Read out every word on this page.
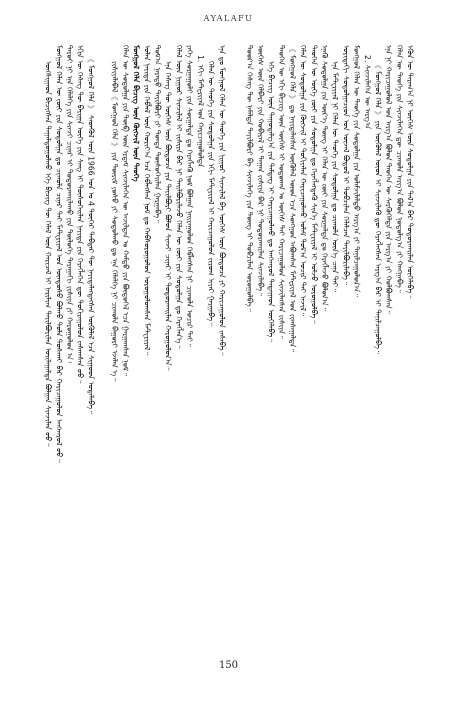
AYALAFU
ᠤᠩᠰᠢᠭᠠᠳ ᠪᠢᠴᠢᠭᠰᠡᠨ ᠳᠠᠭᠠᠯᠳᠤᠭᠤᠯᠬᠤ ᠡᠬᠡ ᠪᠢᠴᠢᠭ ᠲᠦ ᠬᠡᠯᠡᠯ ᠦᠨ ᠬᠠᠷᠢᠴᠠᠯ ᠢ ᠨᠠᠷᠢᠯᠢᠭ ᠲᠠᠶᠢᠯᠪᠤᠷᠢᠯᠠᠨ ᠤᠢᠯᠠᠭᠠᠯᠲᠠ ᠪᠣᠯᠭᠠᠨ ᠰᠢᠨᠵᠢᠯᠡᠨ ᠤᠤ᠃ ᠮᠣᠩᠭᠣᠯ ᠬᠡᠯᠡᠨ ᠦ ᠵᠦᠢ ᠶᠢᠨ ᠰᠤᠳᠤᠯᠭᠠ ᠳᠤ ᠴᠢᠬᠤᠯᠠ ᠴᠢᠨᠠᠷ ᠲᠠᠢ ᠮᠠᠲ᠋ᠧᠷᠢᠶᠠᠯ ᠤᠨ ᠦᠨᠳᠦᠰᠦ ᠪᠣᠯᠬᠤ ᠲᠤᠯᠠ ᠲᠤᠰᠬᠠᠢ ᠪᠡᠷ ᠬᠠᠷᠢᠴᠠᠭᠤᠯᠤᠨ ᠠᠩᠬᠠᠷᠤᠯ ᠤᠤ᠃ ᠳᠠᠷᠤᠢ ᠨᠢ ᠡᠨᠡ ᠬᠡᠯᠡᠯᠭᠡ ᠶᠢᠨ ᠰᠢᠨᠵᠢ ᠴᠢᠨᠠᠷ ᠢ ᠲᠣᠳᠣᠷᠬᠠᠢᠯᠠᠬᠤ ᠶᠢᠨ ᠲᠥᠯᠦᠭᠡ ᠳᠠᠷᠠᠭᠠᠬᠢ ᠵᠢᠰᠢᠶᠡ ᠶᠢ ᠬᠠᠷᠤᠭᠤᠯᠤᠨ ᠠ᠄ ᠡᠬᠢᠨ ᠦ ᠬᠡᠰᠡᠭ ᠲᠦ ᠪᠠᠶᠢᠭᠠ ᠦᠭᠡ ᠶᠢᠨ ᠰᠠᠩ ᠢ ᠲᠥᠰᠦᠭᠡᠢᠯᠡᠨ ᠨᠡᠶᠢᠲᠡ ᠶᠢᠨ ᠬᠡᠷᠡᠭᠯᠡᠭᠡᠨ ᠳᠦ ᠲᠣᠬᠢᠷᠠᠭᠤᠯᠤᠨ ᠵᠠᠰᠠᠭᠰᠠᠨ ᠤᠤ᠃ 《 ᠮᠣᠩᠭᠣᠯ ᠬᠡᠯᠡ 》 ᠰᠡᠳᠬᠦᠯ ᠦᠨ 1966 ᠣᠨ ᠤ 4 ᠳᠦᠭᠡᠷ ᠳᠡᠪᠲᠡᠷ ᠲᠦ ᠨᠡᠶᠢᠲᠡᠯᠡᠭᠳᠡᠭᠰᠡᠨ ᠥᠭᠦᠯᠡᠯ ᠡᠴᠡ ᠰᠢᠭᠤᠳ ᠤᠲᠠᠯᠠᠪᠠ᠃ ᠵᠢᠱᠢᠶᠡᠯᠡᠪᠡᠯ《 ᠮᠣᠩᠭᠣᠯ ᠬᠡᠯᠡ 》 ᠶᠢᠨ ᠳᠦᠷᠢᠮ ᠶᠣᠰᠤ ᠶᠢ ᠰᠤᠳᠤᠯᠬᠤ ᠳᠤ ᠡᠨᠡ ᠬᠡᠯᠡᠯᠭᠡ ᠨᠢ ᠴᠢᠬᠤᠯᠠ ᠪᠠᠭᠤᠷᠢ ᠡᠵᠡᠯᠡᠨ ᠡ᠃ ᠬᠡᠯᠡᠨ ᠦ ᠰᠤᠳᠤᠯᠭᠠ ᠶᠢᠨ ᠲᠥᠪ ᠦᠨ ᠡᠷᠳᠡᠮ ᠰᠢᠨᠵᠢᠯᠡᠭᠡᠨ ᠦ ᠠᠵᠢᠯᠲᠠᠨ ᠤ ᠬᠠᠮᠲᠤ ᠶᠢᠨ ᠪᠦᠲᠦᠭᠡᠯ ᠡᠴᠡ ᠭᠠᠷᠭᠠᠭᠰᠠᠨ ᠨᠣᠮ᠃ ᠮᠣᠩᠭᠣᠯ ᠬᠡᠯᠡ ᠪᠢᠴᠢᠭ ᠦᠨ ᠬᠥᠭᠵᠢᠯ ᠦᠨ ᠲᠡᠦᠬᠡ ᠣᠯᠠᠨ ᠨᠡᠶᠢᠲᠡ ᠶᠢᠨ ᠬᠡᠪᠯᠡᠯ ᠦᠨ ᠬᠣᠷᠢᠶ᠎ᠠ ᠡᠴᠡ ᠬᠡᠪᠯᠡᠭᠰᠡᠨ ᠨᠣᠮ ᠳᠤ ᠬᠠᠪᠰᠤᠷᠤᠭᠤᠯᠤᠨ ᠣᠷᠣᠭᠤᠯᠤᠭᠰᠠᠨ ᠮᠠᠲ᠋ᠧᠷᠢᠶᠠᠯ᠃ ᠲᠣᠮ᠎ᠠ ᠨᠡᠷᠡᠲᠦ ᠲᠠᠶᠢᠯᠪᠤᠷᠢ ᠶᠢ ᠳᠤᠨᠳᠠ ᠲᠥᠰᠦᠭᠡᠢᠯᠡᠨ ᠭᠠᠷᠭᠠᠪᠠ᠃ ᠡᠨᠡ ᠬᠡᠰᠡᠭ ᠲᠦ ᠦᠭᠡᠰ ᠦᠨ ᠪᠦᠲᠦᠴᠡ ᠶᠢᠨ ᠲᠠᠶᠢᠯᠪᠤᠷᠢ ᠪᠣᠯᠤᠨ ᠰᠢᠨᠵᠢ ᠴᠢᠨᠠᠷ ᠢ ᠲᠣᠳᠣᠷᠬᠠᠢᠯᠠᠨ ᠬᠠᠷᠤᠭᠤᠯᠤᠨ᠎ᠠ᠃ ᠬᠡᠯᠡᠯ ᠦᠨ ᠨᠢᠭᠤᠷ ᠰᠢᠨᠵᠢᠯᠡᠯ ᠢ ᠵᠢᠱᠢᠶᠡ ᠪᠡᠷ ᠨᠢ ᠲᠠᠢᠯᠪᠤᠷᠢᠯᠠᠵᠤ ᠬᠡᠯᠡᠨ ᠦ ᠵᠦᠢ ᠶᠢᠨ ᠰᠤᠳᠤᠯᠭᠠ ᠳᠤ ᠬᠡᠷᠡᠭᠯᠡᠨ᠎ᠡ᠃ ᠶᠡᠬᠡ ᠰᠤᠷᠭᠠᠭᠤᠯᠢ ᠶᠢᠨ ᠰᠤᠷᠭᠠᠯᠲᠠ ᠳᠤ ᠬᠡᠷᠡᠭᠯᠡᠬᠦ ᠨᠣᠮ ᠪᠣᠯᠭᠠᠨ ᠨᠠᠢᠷᠠᠭᠤᠯᠤᠨ ᠬᠡᠪᠯᠡᠭᠰᠡᠨ ᠨᠢ ᠴᠢᠬᠤᠯᠠ ᠤᠴᠢᠷ ᠲᠠᠢ᠃ 1. ᠡᠬᠢ ᠮᠠᠲ᠋ᠧᠷᠢᠶᠠᠯ ᠤᠨ ᠬᠠᠷᠢᠴᠠᠭᠤᠯᠤᠯᠲᠠ ᠬᠡᠯᠡᠨ ᠦ ᠲᠡᠦᠬᠡ ᠶᠢᠨ ᠰᠤᠳᠤᠯᠭᠠ ᠶᠢᠨ ᠡᠬᠢ ᠮᠠᠲ᠋ᠧᠷᠢᠶᠠᠯ ᠢ ᠬᠠᠷᠢᠴᠠᠭᠤᠯᠤᠨ ᠵᠢᠷᠤᠭ ᠢᠶᠠᠷ ᠭᠠᠷᠭᠠᠪᠠ᠃ ᠡᠨᠡ ᠳᠤ ᠮᠣᠩᠭᠣᠯ ᠬᠡᠯᠡᠨ ᠦ ᠲᠡᠦᠬᠡ ᠶᠢᠨ ᠨᠢᠭᠤᠷ ᠰᠢᠨᠵᠢᠯᠡᠯ ᠪᠠ ᠦᠭᠡᠰ ᠦᠨ ᠪᠦᠲᠦᠴᠡ ᠶᠢ ᠬᠠᠷᠢᠴᠠᠭᠤᠯᠤᠨ ᠵᠠᠰᠠᠪᠠ᠃ ᠳᠣᠣᠷ᠎ᠠ ᠬᠡᠰᠡᠭ ᠲᠦ ᠨᠡᠮᠡᠯᠲᠡ ᠲᠠᠶᠢᠯᠪᠤᠷᠢ ᠪᠠ ᠰᠢᠨᠵᠢᠯᠡᠭᠡ ᠶᠢᠨ ᠳᠦᠩ ᠢ ᠲᠣᠪᠴᠢᠯᠠᠨ ᠣᠷᠣᠭᠤᠯᠪᠠ᠃ ᠦᠭᠡᠰ ᠦᠨ ᠬᠡᠯᠪᠡᠷᠢ ᠶᠢᠨ ᠬᠤᠪᠢᠷᠠᠯ ᠢ ᠳᠠᠭᠠᠨ ᠵᠢᠱᠢᠶᠡ ᠪᠡᠷ ᠨᠢ ᠲᠣᠳᠣᠷᠬᠠᠢᠯᠠᠨ ᠰᠢᠨᠵᠢᠯᠡᠪᠡ᠃ ᠡᠬᠡ ᠪᠢᠴᠢᠭ ᠦᠨ ᠳᠠᠭᠤᠳᠠᠯᠭ᠎ᠠ ᠶᠢᠨ ᠲᠡᠮᠳᠡᠭ ᠢ ᠬᠠᠷᠢᠴᠠᠭᠤᠯᠬᠤ ᠳᠤ ᠠᠩᠬᠠᠷᠤᠯ ᠲᠠᠲᠠᠭᠠᠳ ᠦᠭᠡᠯᠡᠪᠡ᠃ ᠲᠡᠦᠬᠡᠨ ᠦ ᠡᠬᠢ ᠪᠢᠴᠢᠭ ᠦᠨ ᠦᠭᠡᠰ ᠢ ᠣᠳᠣᠬᠠᠨ ᠤ ᠦᠭᠡᠰ ᠲᠡᠢ ᠬᠠᠷᠢᠴᠠᠭᠤᠯᠤᠨ ᠰᠢᠨᠵᠢᠯᠡᠭᠰᠡᠨ ᠵᠢᠱᠢᠶᠡ᠃ 《 ᠮᠣᠩᠭᠣᠯ ᠬᠡᠯᠡ 》 ᠳᠤ ᠨᠡᠶᠢᠲᠡᠯᠡᠭᠰᠡᠨ ᠥᠭᠦᠯᠡᠯ ᠦᠳ ᠡᠴᠡ ᠰᠣᠩᠭᠣᠨ ᠠᠪᠤᠭᠰᠠᠨ ᠮᠠᠲ᠋ᠧᠷᠢᠶᠠᠯ ᠤᠨ ᠵᠢᠭᠰᠠᠭᠠᠯᠲᠠ᠃ ᠬᠡᠯᠡᠨ ᠦ ᠰᠤᠳᠤᠯᠭᠠ ᠶᠢᠨ ᠬᠥᠭᠵᠢᠯ ᠢ ᠲᠣᠭᠢᠶᠠᠯᠠᠨ ᠬᠠᠷᠢᠴᠠᠭᠤᠯᠬᠤ ᠤᠯᠠᠮ ᠲᠣᠮ᠎ᠠ ᠤᠴᠢᠷ ᠲᠠᠢ ᠠᠵᠢᠯ᠃ ᠲᠡᠦᠬᠡᠨ ᠦ ᠦᠭᠡ ᠵᠦᠢ ᠶᠢᠨ ᠰᠤᠳᠤᠯᠭᠠ ᠳᠤ ᠬᠡᠷᠡᠭᠯᠡᠭᠳᠡᠬᠦ ᠰᠢᠨ᠎ᠡ ᠮᠠᠲ᠋ᠧᠷᠢᠶᠠᠯ ᠢ ᠣᠯᠵᠤ ᠣᠷᠣᠭᠤᠯᠪᠠ᠃ ᠡᠨᠡᠬᠦ ᠰᠤᠳᠤᠯᠭᠠ ᠶᠢᠨ ᠦᠷ᠎ᠡ ᠳᠦᠩ ᠢ ᠬᠡᠯᠡᠨ ᠦ ᠵᠦᠢ ᠶᠢᠨ ᠰᠤᠷᠭᠠᠯᠲᠠ ᠳᠤ ᠬᠡᠷᠡᠭᠯᠡᠵᠦ ᠪᠣᠯᠣᠨ᠎ᠠ᠃ ᠡᠨᠡ ᠮᠠᠲ᠋ᠧᠷᠢᠶᠠᠯ ᠨᠢ ᠬᠡᠯᠡᠨ ᠦ ᠲᠡᠦᠬᠡ ᠶᠢᠨ ᠰᠤᠳᠤᠯᠭᠠ ᠳᠤ ᠴᠢᠬᠤᠯᠠ ᠦᠨ᠎ᠡ ᠴᠡᠨᠡ ᠲᠠᠢ᠃ ᠤᠷᠢᠳᠠᠬᠢ ᠰᠤᠳᠤᠯᠭᠠᠴᠢᠳ ᠤᠨ ᠦᠵᠡᠯ ᠪᠣᠳᠤᠯ ᠢ ᠲᠣᠪᠴᠢᠯᠠᠨ ᠬᠡᠯᠡᠯᠴᠡᠨ ᠲᠠᠶᠢᠯᠪᠤᠷᠢᠯᠠᠪᠠ᠃ ᠮᠣᠩᠭᠣᠯ ᠬᠡᠯᠡᠨ ᠦ ᠲᠡᠦᠬᠡ ᠶᠢᠨ ᠰᠤᠳᠤᠯᠭᠠ ᠶᠢᠨ ᠤᠯᠠᠮᠵᠢᠯᠠᠯᠲᠤ ᠠᠷᠭ᠎ᠠ ᠶᠢ ᠲᠠᠨᠢᠯᠴᠠᠭᠤᠯᠤᠨ᠎ᠠ᠃ 2. ᠰᠢᠨᠵᠢᠯᠡᠭᠡᠨ ᠦ ᠠᠷᠭ᠎ᠠ 《 ᠮᠣᠩᠭᠣᠯ ᠬᠡᠯᠡ 》 ᠶᠢᠨ ᠥᠭᠦᠯᠡᠯ ᠦᠳ ᠢ ᠰᠢᠨᠵᠢᠯᠡᠬᠦ ᠳᠦ ᠬᠡᠷᠡᠭᠯᠡᠭᠰᠡᠨ ᠠᠷᠭ᠎ᠠ ᠪᠠᠷ ᠢ ᠲᠠᠨᠢᠯᠴᠠᠭᠤᠯᠪᠠ᠃ ᠡᠨᠡ ᠨᠢ ᠬᠠᠷᠢᠴᠠᠭᠤᠯᠤᠯ ᠤᠨ ᠠᠷᠭ᠎ᠠ ᠪᠣᠯᠣᠨ ᠲᠡᠦᠬᠡᠨ ᠦ ᠰᠡᠷᠭᠦᠭᠡᠯᠲᠡ ᠶᠢᠨ ᠠᠷᠭ᠎ᠠ ᠶᠢ ᠬᠣᠯᠪᠣᠭᠰᠠᠨ᠃ ᠬᠡᠯᠡᠨ ᠦ ᠲᠡᠦᠬᠡ ᠶᠢᠨ ᠰᠢᠨᠵᠢᠯᠡᠭᠡᠨ ᠳᠦ ᠴᠢᠬᠤᠯᠠ ᠠᠷᠭ᠎ᠠ ᠪᠣᠯᠣᠨ ᠨᠣᠲᠣᠯᠭ᠎ᠠ ᠶᠢ ᠬᠠᠩᠭᠠᠪᠠ᠃ ᠡᠭᠦᠨ ᠦ ᠳᠠᠷᠠᠭ᠎ᠠ ᠨᠢ ᠦᠭᠡᠰ ᠦᠨ ᠰᠤᠳᠤᠯᠭᠠ ᠶᠢᠨ ᠲᠠᠯ᠎ᠠ ᠪᠠᠷ ᠲᠣᠳᠣᠷᠬᠠᠢᠯᠠᠨ ᠦᠭᠡᠯᠡᠪᠡ᠃
150
